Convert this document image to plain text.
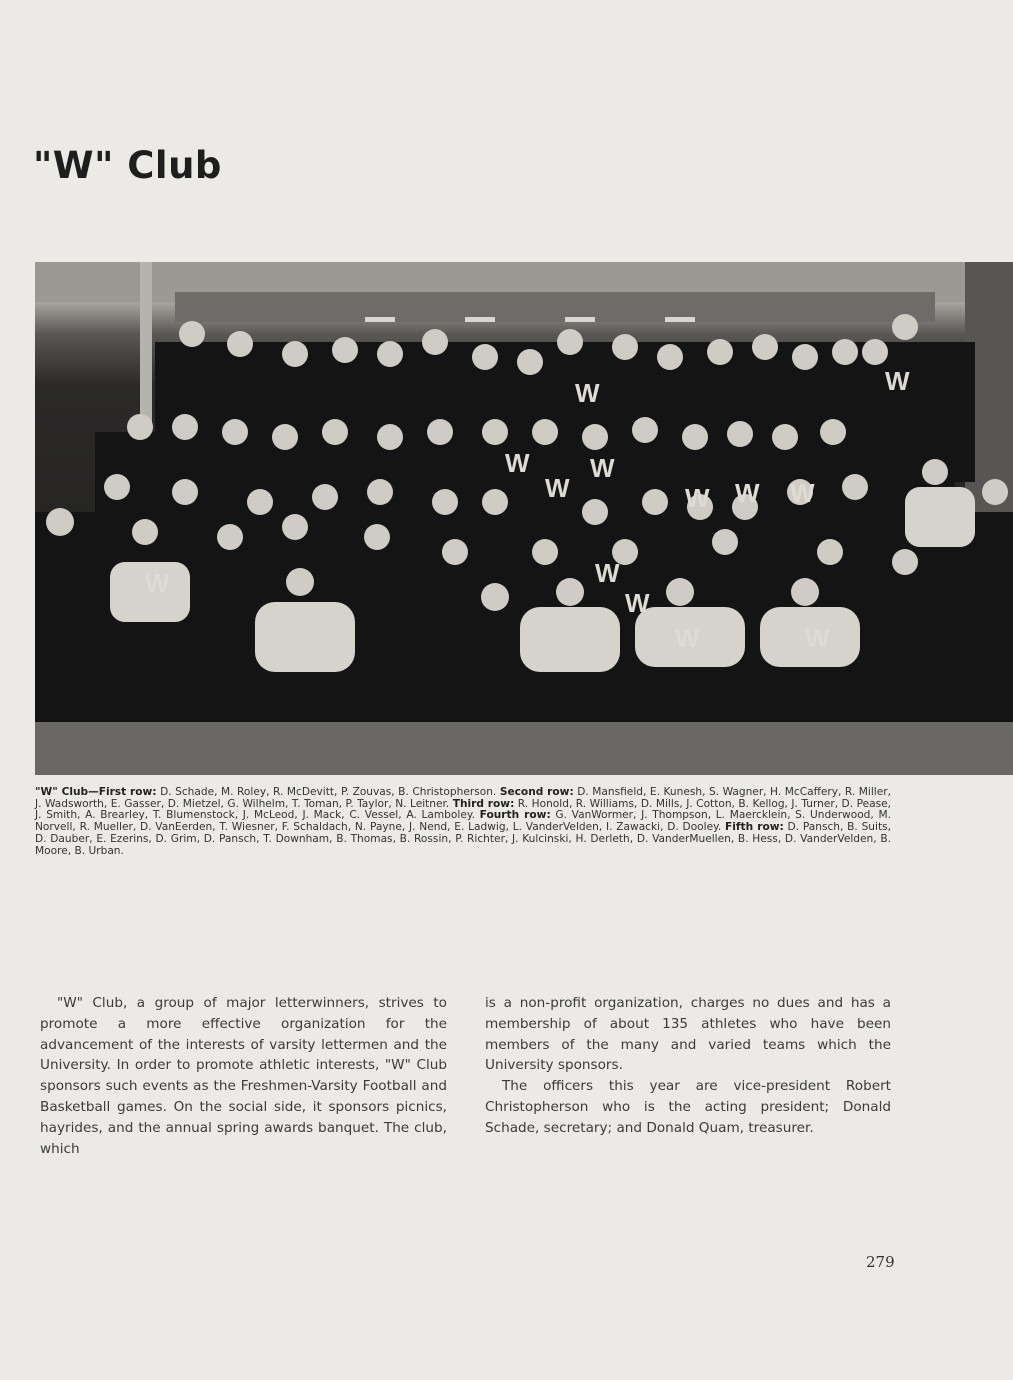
"W" Club
W
W
W W
W	W W W
W
W
W	W
W

"W" Club—First row: D. Schade, M. Roley, R. McDevitt, P. Zouvas, B. Christopherson. Second row: D. Mansfield, E. Kunesh, S. Wagner, H. McCaffery, R. Miller, J. Wadsworth, E. Gasser, D. Mietzel, G. Wilhelm, T. Toman, P. Taylor, N. Leitner. Third row: R. Honold, R. Williams, D. Mills, J. Cotton, B. Kellog, J. Turner, D. Pease, J. Smith, A. Brearley, T. Blumenstock, J. McLeod, J. Mack, C. Vessel, A. Lamboley. Fourth row: G. VanWormer, J. Thompson, L. Maercklein, S. Underwood, M. Norvell, R. Mueller, D. VanEerden, T. Wiesner, F. Schaldach, N. Payne, J. Nend, E. Ladwig, L. VanderVelden, I. Zawacki, D. Dooley. Fifth row: D. Pansch, B. Suits, D. Dauber, E. Ezerins, D. Grim, D. Pansch, T. Downham, B. Thomas, B. Rossin, P. Richter, J. Kulcinski, H. Derleth, D. VanderMuellen, B. Hess, D. VanderVelden, B. Moore, B. Urban.

"W" Club, a group of major letterwinners, strives to promote a more effective organization for the advancement of the interests of varsity lettermen and the University. In order to promote athletic interests, "W" Club sponsors such events as the Freshmen-Varsity Football and Basketball games. On the social side, it sponsors picnics, hayrides, and the annual spring awards banquet. The club, which

is a non-profit organization, charges no dues and has a membership of about 135 athletes who have been members of the many and varied teams which the University sponsors.

The officers this year are vice-president Robert Christopherson who is the acting president; Donald Schade, secretary; and Donald Quam, treasurer.

279
